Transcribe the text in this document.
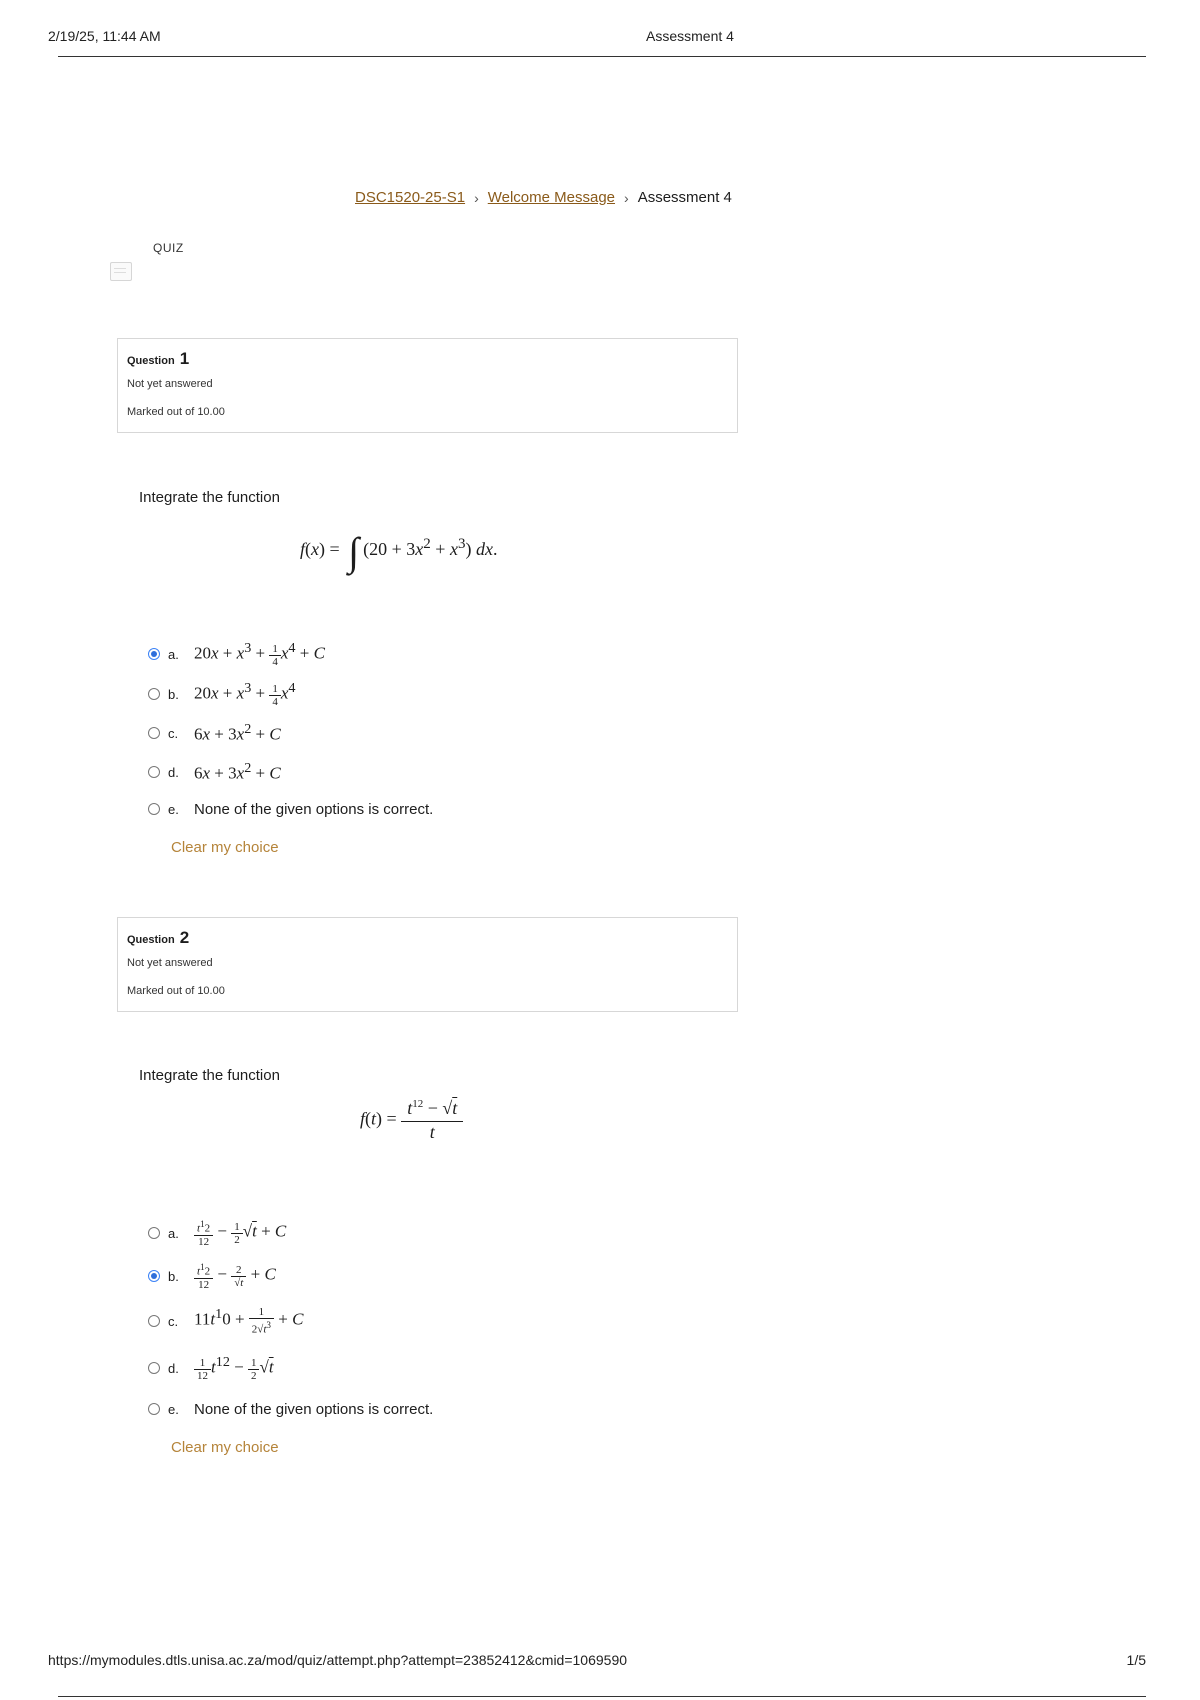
2/19/25, 11:44 AM	Assessment 4
DSC1520-25-S1 › Welcome Message › Assessment 4
QUIZ
Question 1
Not yet answered
Marked out of 10.00
Integrate the function
f(x) = ∫ $(20 + 3x^2 + x^3)$ dx.
a. $20x + x^3 + \frac{1}{4} x^4 + C$
b. $20x + x^3 + \frac{1}{4} x^4$
c. $6x + 3x^2 + C$
d. $6x + 3x^2 + C$
e.	None of the given options is correct.
Clear my choice
Question 2
Not yet answered
Marked out of 10.00
Integrate the function
$f(t) = \frac{t^{12} - √t}{t}$
a.	$\frac{t^12}{12} - \frac{1}{2} √t + C$
b.	$\frac{t^12}{12} - \frac{2}{√t} + C$
c. $11t^10 + \frac{1}{2√t^3} + C$
d.	$\frac{1}{12} t^{12} - \frac{1}{2} √t$
e.	None of the given options is correct.
Clear my choice
https://mymodules.dtls.unisa.ac.za/mod/quiz/attempt.php?attempt=23852412&cmid=1069590	1/5
